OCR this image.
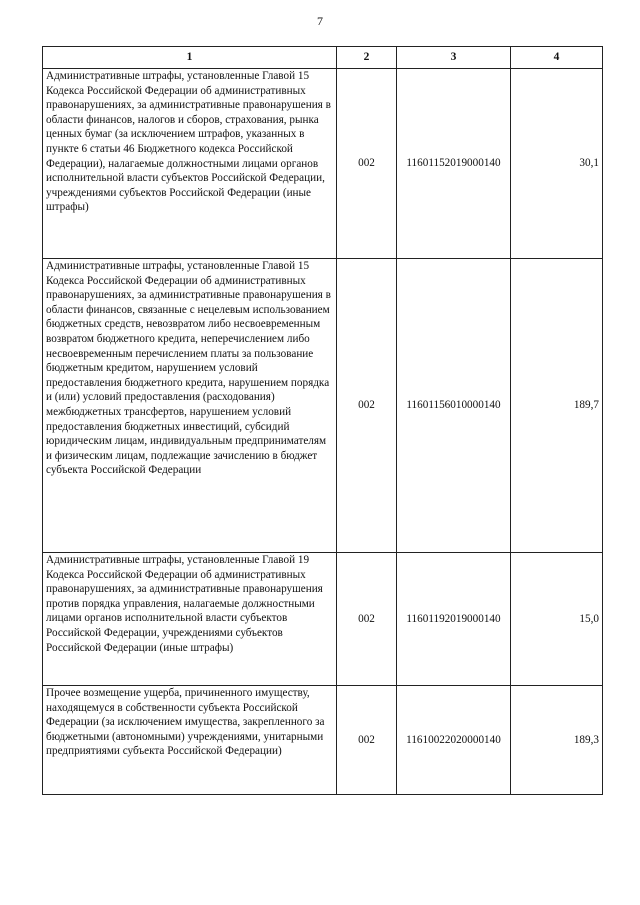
7
1	2	3	4
Административные штрафы, установленные Главой 15 Кодекса Российской Федерации об административных правонарушениях, за административные правонарушения в области финансов, налогов и сборов, страхования, рынка ценных бумаг (за исключением штрафов, указанных в пункте 6 статьи 46 Бюджетного кодекса Российской Федерации), налагаемые должностными лицами органов исполнительной власти субъектов Российской Федерации, учреждениями субъектов Российской Федерации (иные штрафы)	002	11601152019000140	30,1
Административные штрафы, установленные Главой 15 Кодекса Российской Федерации об административных правонарушениях, за административные правонарушения в области финансов, связанные с нецелевым использованием бюджетных средств, невозвратом либо несвоевременным возвратом бюджетного кредита, неперечислением либо несвоевременным перечислением платы за пользование бюджетным кредитом, нарушением условий предоставления бюджетного кредита, нарушением порядка и (или) условий предоставления (расходования) межбюджетных трансфертов, нарушением условий предоставления бюджетных инвестиций, субсидий юридическим лицам, индивидуальным предпринимателям и физическим лицам, подлежащие зачислению в бюджет субъекта Российской Федерации	002	11601156010000140	189,7
Административные штрафы, установленные Главой 19 Кодекса Российской Федерации об административных правонарушениях, за административные правонарушения против порядка управления, налагаемые должностными лицами органов исполнительной власти субъектов Российской Федерации, учреждениями субъектов Российской Федерации (иные штрафы)	002	11601192019000140	15,0
Прочее возмещение ущерба, причиненного имуществу, находящемуся в собственности субъекта Российской Федерации (за исключением имущества, закрепленного за бюджетными (автономными) учреждениями, унитарными предприятиями субъекта Российской Федерации)	002	11610022020000140	189,3
